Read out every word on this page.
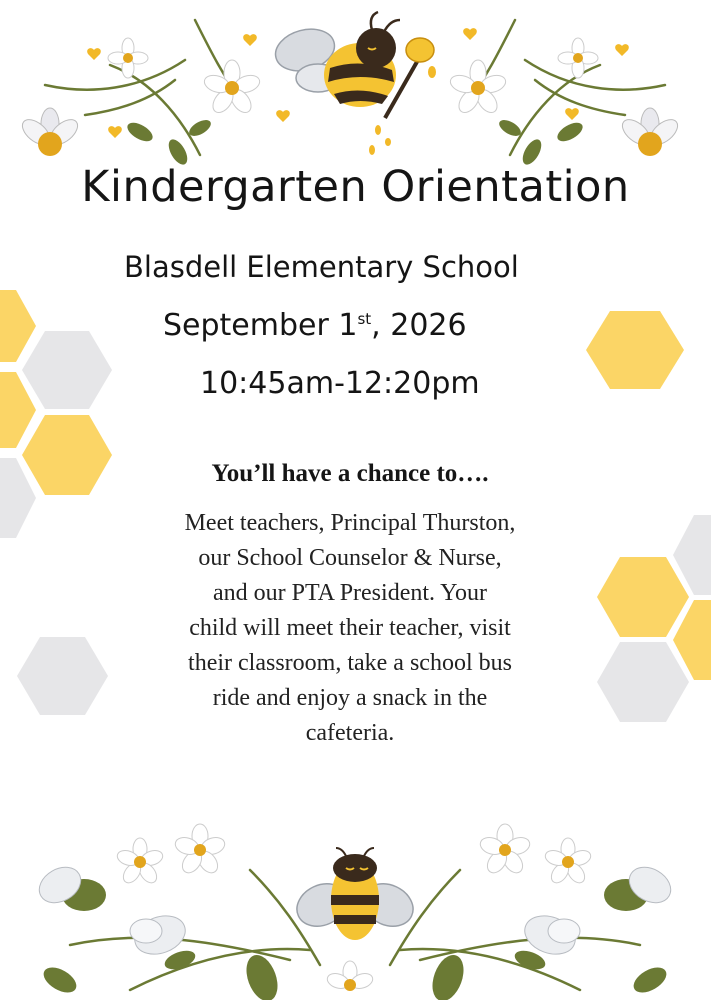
Kindergarten Orientation

Blasdell Elementary School

September 1st, 2026

10:45am-12:20pm

You’ll have a chance to….
Meet teachers, Principal Thurston,
our School Counselor & Nurse,
and our PTA President. Your
child will meet their teacher, visit
their classroom, take a school bus
ride and enjoy a snack in the
cafeteria.
